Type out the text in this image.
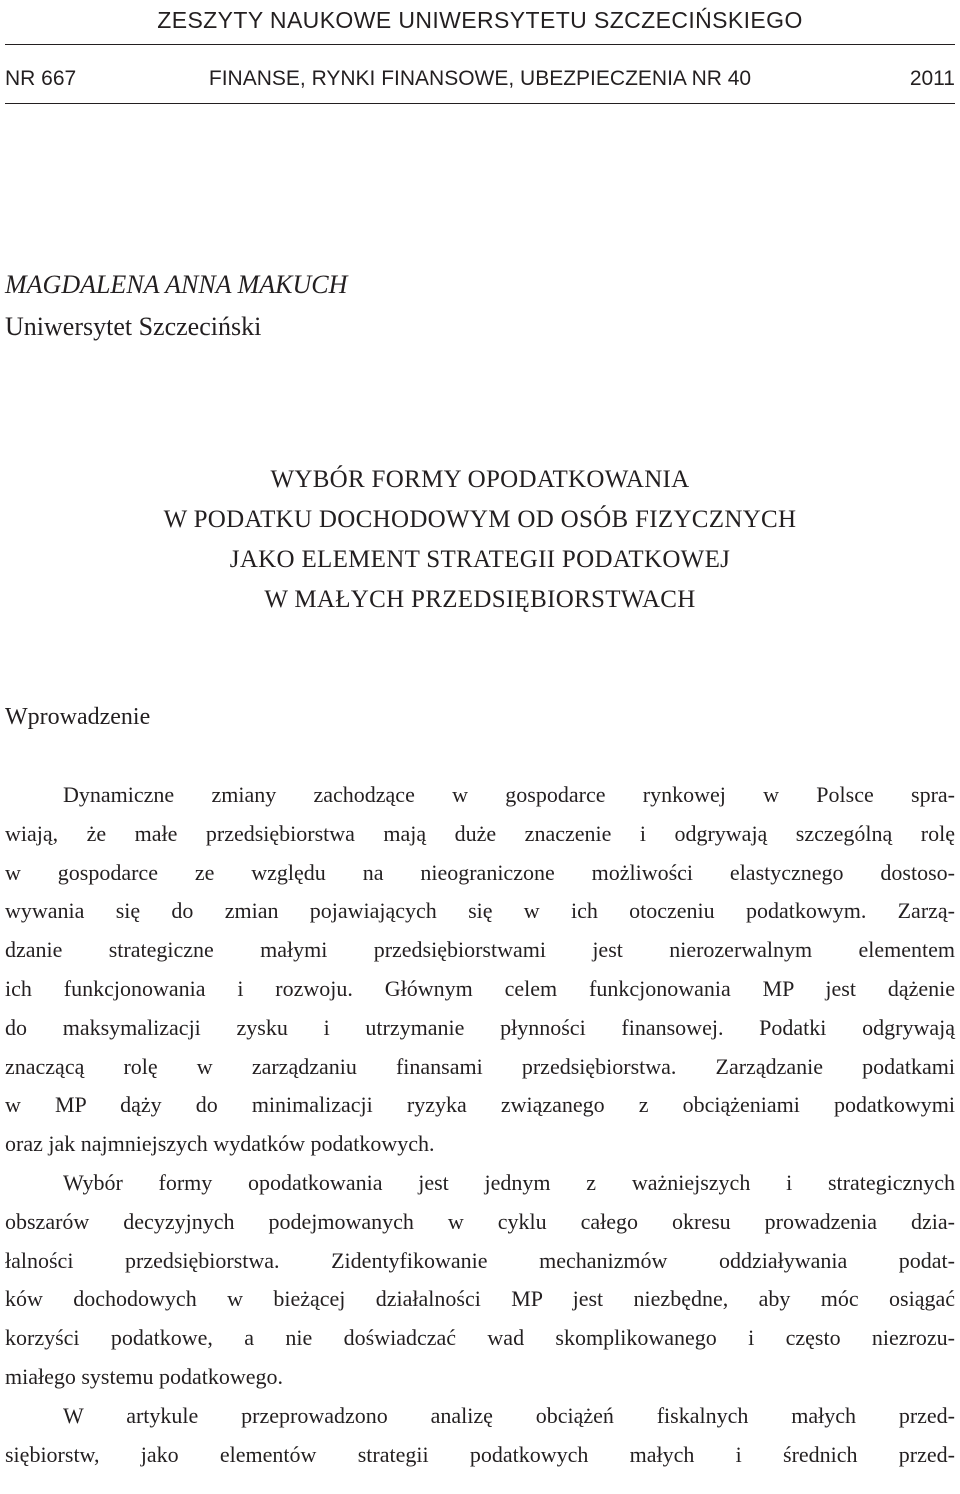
ZESZYTY NAUKOWE UNIWERSYTETU SZCZECIŃSKIEGO
NR 667	FINANSE, RYNKI FINANSOWE, UBEZPIECZENIA NR 40	2011
MAGDALENA ANNA MAKUCH
Uniwersytet Szczeciński
WYBÓR FORMY OPODATKOWANIA
W PODATKU DOCHODOWYM OD OSÓB FIZYCZNYCH
JAKO ELEMENT STRATEGII PODATKOWEJ
W MAŁYCH PRZEDSIĘBIORSTWACH
Wprowadzenie
Dynamiczne zmiany zachodzące w gospodarce rynkowej w Polsce spra-
wiają, że małe przedsiębiorstwa mają duże znaczenie i odgrywają szczególną rolę
w gospodarce ze względu na nieograniczone możliwości elastycznego dostoso-
wywania się do zmian pojawiających się w ich otoczeniu podatkowym. Zarzą-
dzanie strategiczne małymi przedsiębiorstwami jest nierozerwalnym elementem
ich funkcjonowania i rozwoju. Głównym celem funkcjonowania MP jest dążenie
do maksymalizacji zysku i utrzymanie płynności finansowej. Podatki odgrywają
znaczącą rolę w zarządzaniu finansami przedsiębiorstwa. Zarządzanie podatkami
w MP dąży do minimalizacji ryzyka związanego z obciążeniami podatkowymi
oraz jak najmniejszych wydatków podatkowych.
Wybór formy opodatkowania jest jednym z ważniejszych i strategicznych
obszarów decyzyjnych podejmowanych w cyklu całego okresu prowadzenia dzia-
łalności przedsiębiorstwa. Zidentyfikowanie mechanizmów oddziaływania podat-
ków dochodowych w bieżącej działalności MP jest niezbędne, aby móc osiągać
korzyści podatkowe, a nie doświadczać wad skomplikowanego i często niezrozu-
miałego systemu podatkowego.
W artykule przeprowadzono analizę obciążeń fiskalnych małych przed-
siębiorstw, jako elementów strategii podatkowych małych i średnich przed-
